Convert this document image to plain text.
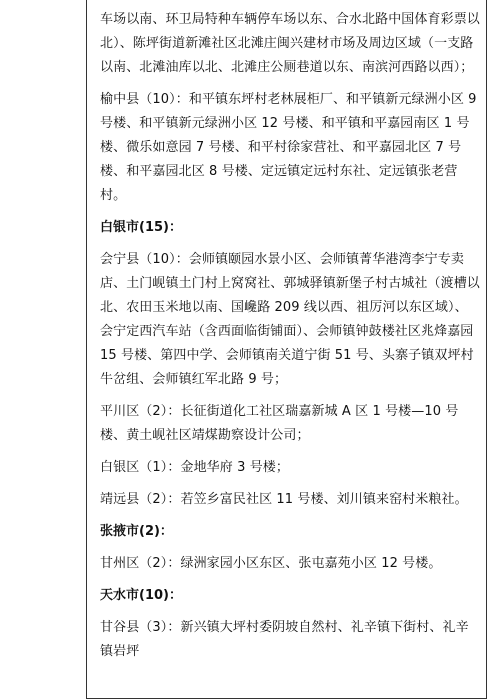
车场以南、环卫局特种车辆停车场以东、合水北路中国体育彩票以北）、陈坪街道新滩社区北滩庄闽兴建材市场及周边区域（一支路以南、北滩油库以北、北滩庄公厕巷道以东、南滨河西路以西）；

榆中县（10）：和平镇东坪村老林展柜厂、和平镇新元绿洲小区 9 号楼、和平镇新元绿洲小区 12 号楼、和平镇和平嘉园南区 1 号楼、微乐如意园 7 号楼、和平村徐家营社、和平嘉园北区 7 号楼、和平嘉园北区 8 号楼、定远镇定远村东社、定远镇张老营村。

白银市(15)：

会宁县（10）：会师镇颐园水景小区、会师镇菁华港湾李宁专卖店、土门岘镇土门村上窝窝社、郭城驿镇新堡子村古城社（渡槽以北、农田玉米地以南、国巉路 209 线以西、祖厉河以东区域）、会宁定西汽车站（含西面临街铺面）、会师镇钟鼓楼社区兆烽嘉园 15 号楼、第四中学、会师镇南关道宁街 51 号、头寨子镇双坪村牛岔组、会师镇红军北路 9 号；

平川区（2）：长征街道化工社区瑞嘉新城 A 区 1 号楼—10 号楼、黄土岘社区靖煤勘察设计公司；

白银区（1）：金地华府 3 号楼；

靖远县（2）：若笠乡富民社区 11 号楼、刘川镇来窑村米粮社。

张掖市(2)：

甘州区（2）：绿洲家园小区东区、张屯嘉苑小区 12 号楼。

天水市(10)：

甘谷县（3）：新兴镇大坪村委阴坡自然村、礼辛镇下街村、礼辛镇岩坪
